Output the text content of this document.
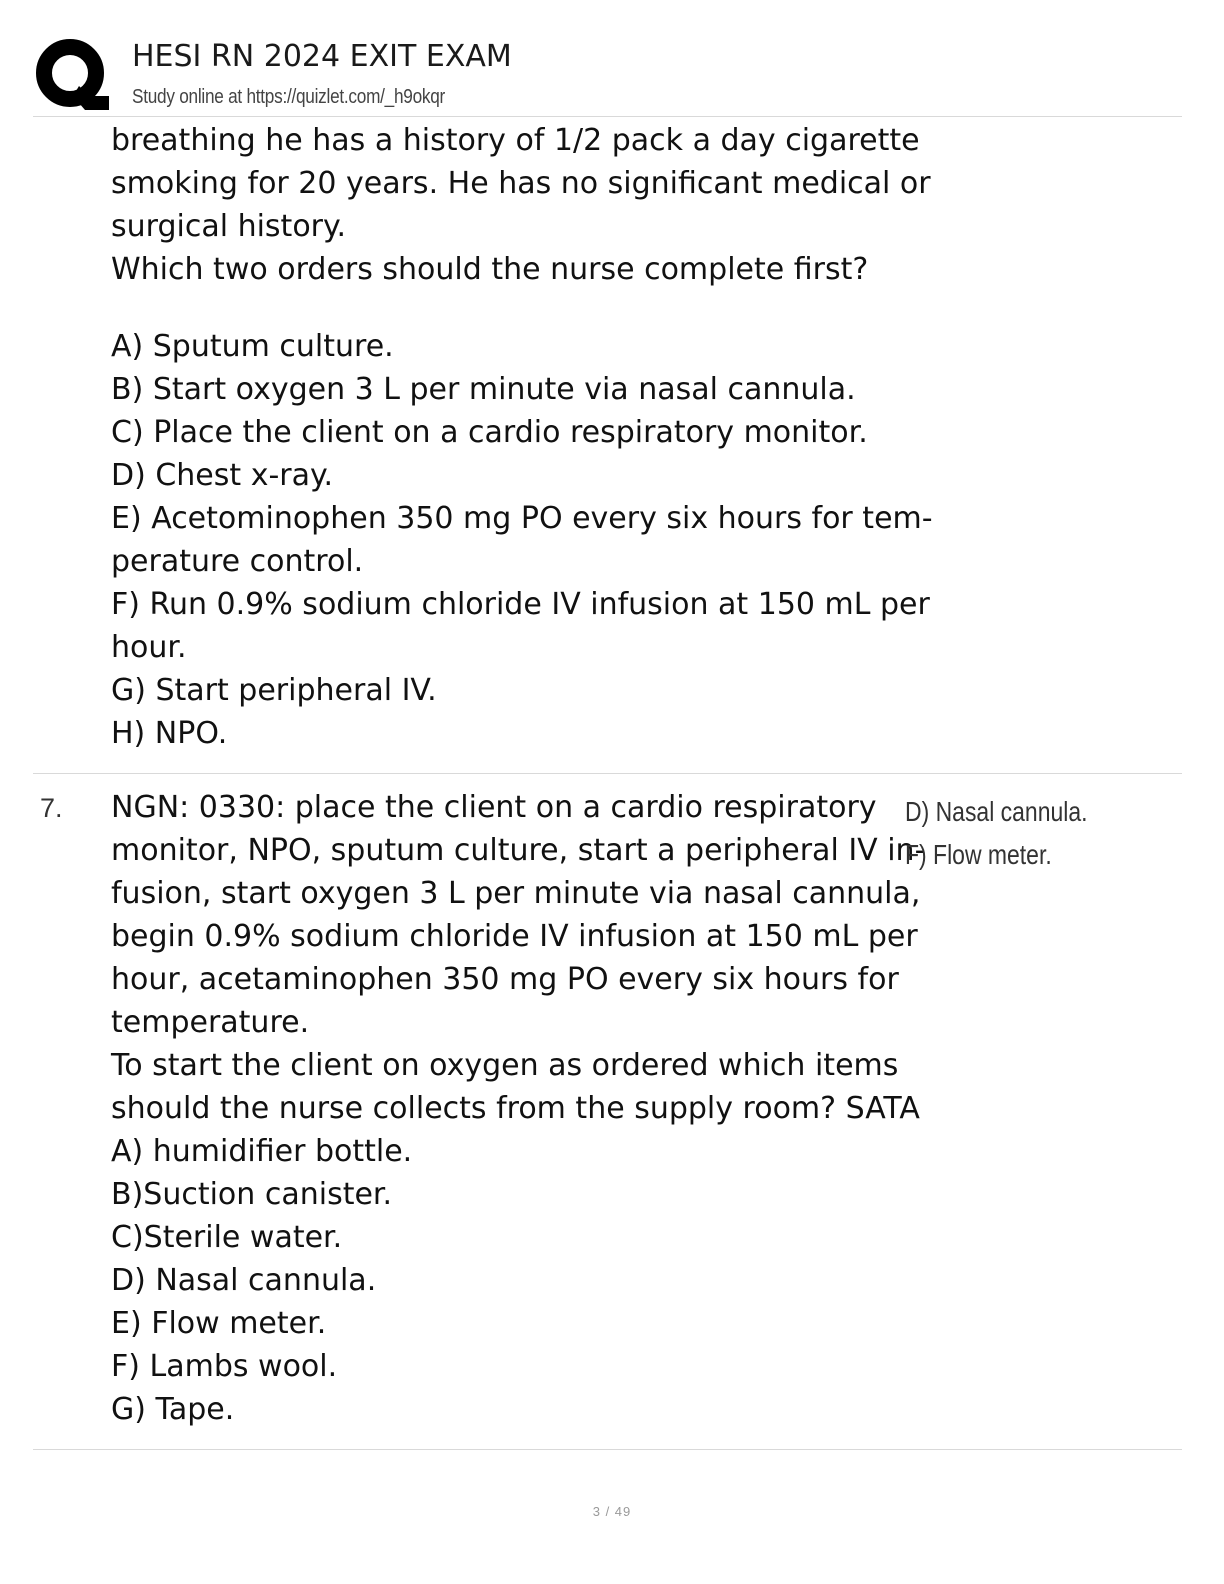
HESI RN 2024 EXIT EXAM
Study online at https://quizlet.com/_h9okqr
breathing he has a history of 1/2 pack a day cigarette
smoking for 20 years. He has no significant medical or
surgical history.
Which two orders should the nurse complete first?
A) Sputum culture.
B) Start oxygen 3 L per minute via nasal cannula.
C) Place the client on a cardio respiratory monitor.
D) Chest x-ray.
E) Acetominophen 350 mg PO every six hours for tem-
perature control.
F) Run 0.9% sodium chloride IV infusion at 150 mL per
hour.
G) Start peripheral IV.
H) NPO.
7. NGN: 0330: place the client on a cardio respiratory
monitor, NPO, sputum culture, start a peripheral IV in-
fusion, start oxygen 3 L per minute via nasal cannula,
begin 0.9% sodium chloride IV infusion at 150 mL per
hour, acetaminophen 350 mg PO every six hours for
temperature.
To start the client on oxygen as ordered which items
should the nurse collects from the supply room? SATA
A) humidifier bottle.
B)Suction canister.
C)Sterile water.
D) Nasal cannula.
E) Flow meter.
F) Lambs wool.
G) Tape.
D) Nasal cannula.
F) Flow meter.
3 / 49
